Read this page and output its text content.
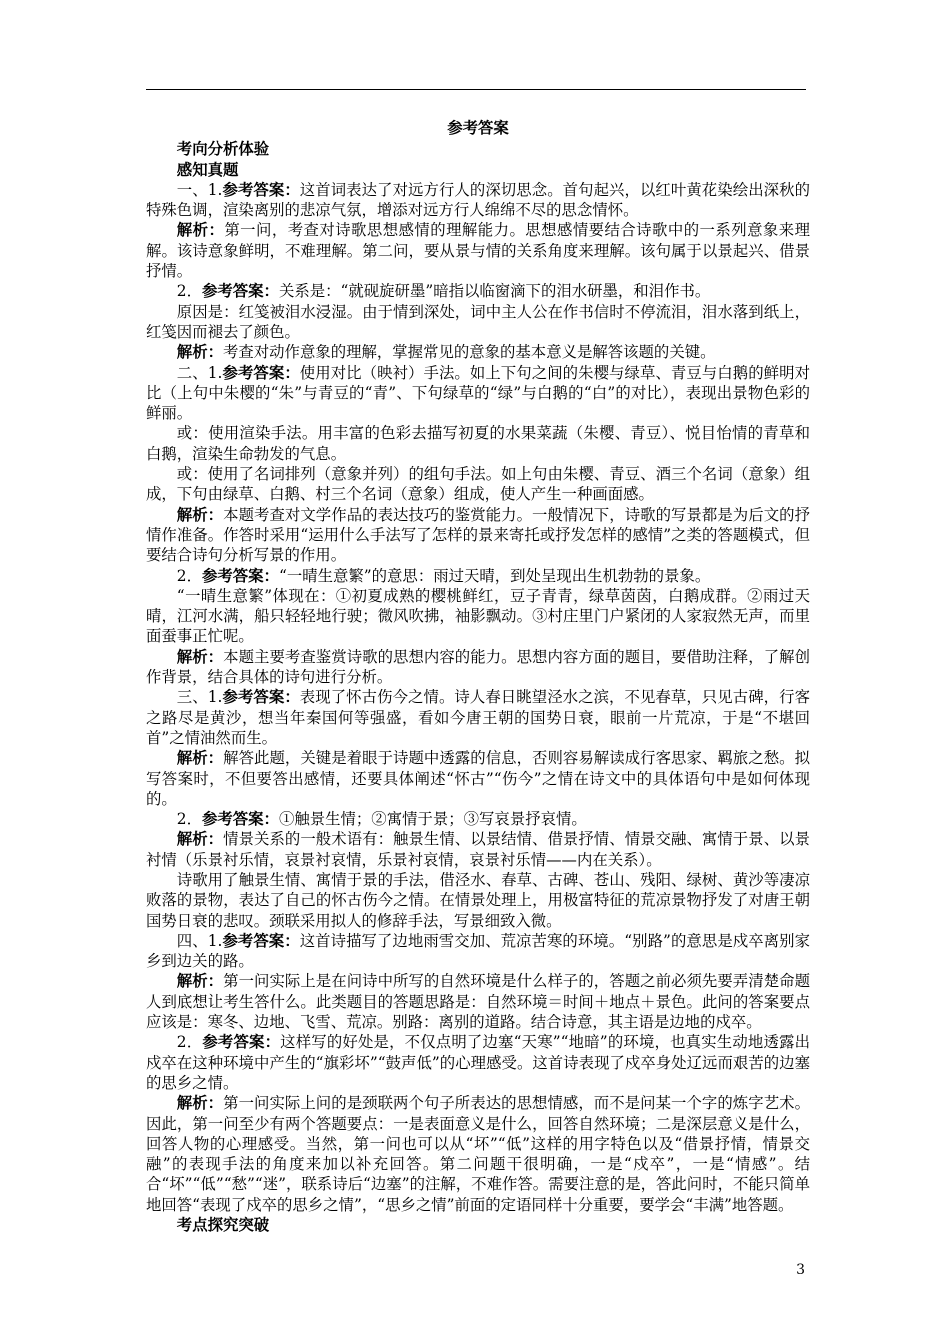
参考答案
考向分析体验
感知真题
一、1.参考答案：这首词表达了对远方行人的深切思念。首句起兴，以红叶黄花染绘出深秋的特殊色调，渲染离别的悲凉气氛，增添对远方行人绵绵不尽的思念情怀。
解析：第一问，考查对诗歌思想感情的理解能力。思想感情要结合诗歌中的一系列意象来理解。该诗意象鲜明，不难理解。第二问，要从景与情的关系角度来理解。该句属于以景起兴、借景抒情。
2．参考答案：关系是：“就砚旋研墨”暗指以临窗滴下的泪水研墨，和泪作书。
原因是：红笺被泪水浸湿。由于情到深处，词中主人公在作书信时不停流泪，泪水落到纸上，红笺因而褪去了颜色。
解析：考查对动作意象的理解，掌握常见的意象的基本意义是解答该题的关键。
二、1.参考答案：使用对比（映衬）手法。如上下句之间的朱樱与绿草、青豆与白鹅的鲜明对比（上句中朱樱的“朱”与青豆的“青”、下句绿草的“绿”与白鹅的“白”的对比），表现出景物色彩的鲜丽。
或：使用渲染手法。用丰富的色彩去描写初夏的水果菜蔬（朱樱、青豆）、悦目怡情的青草和白鹅，渲染生命勃发的气息。
或：使用了名词排列（意象并列）的组句手法。如上句由朱樱、青豆、酒三个名词（意象）组成，下句由绿草、白鹅、村三个名词（意象）组成，使人产生一种画面感。
解析：本题考查对文学作品的表达技巧的鉴赏能力。一般情况下，诗歌的写景都是为后文的抒情作准备。作答时采用“运用什么手法写了怎样的景来寄托或抒发怎样的感情”之类的答题模式，但要结合诗句分析写景的作用。
2．参考答案：“一晴生意繁”的意思：雨过天晴，到处呈现出生机勃勃的景象。
“一晴生意繁”体现在：①初夏成熟的樱桃鲜红，豆子青青，绿草茵茵，白鹅成群。②雨过天晴，江河水满，船只轻轻地行驶；微风吹拂，袖影飘动。③村庄里门户紧闭的人家寂然无声，而里面蚕事正忙呢。
解析：本题主要考查鉴赏诗歌的思想内容的能力。思想内容方面的题目，要借助注释，了解创作背景，结合具体的诗句进行分析。
三、1.参考答案：表现了怀古伤今之情。诗人春日眺望泾水之滨，不见春草，只见古碑，行客之路尽是黄沙，想当年秦国何等强盛，看如今唐王朝的国势日衰，眼前一片荒凉，于是“不堪回首”之情油然而生。
解析：解答此题，关键是着眼于诗题中透露的信息，否则容易解读成行客思家、羁旅之愁。拟写答案时，不但要答出感情，还要具体阐述“怀古”“伤今”之情在诗文中的具体语句中是如何体现的。
2．参考答案：①触景生情；②寓情于景；③写哀景抒哀情。
解析：情景关系的一般术语有：触景生情、以景结情、借景抒情、情景交融、寓情于景、以景衬情（乐景衬乐情，哀景衬哀情，乐景衬哀情，哀景衬乐情——内在关系）。
诗歌用了触景生情、寓情于景的手法，借泾水、春草、古碑、苍山、残阳、绿树、黄沙等凄凉败落的景物，表达了自己的怀古伤今之情。在情景处理上，用极富特征的荒凉景物抒发了对唐王朝国势日衰的悲叹。颈联采用拟人的修辞手法，写景细致入微。
四、1.参考答案：这首诗描写了边地雨雪交加、荒凉苦寒的环境。“别路”的意思是戍卒离别家乡到边关的路。
解析：第一问实际上是在问诗中所写的自然环境是什么样子的，答题之前必须先要弄清楚命题人到底想让考生答什么。此类题目的答题思路是：自然环境＝时间＋地点＋景色。此问的答案要点应该是：寒冬、边地、飞雪、荒凉。别路：离别的道路。结合诗意，其主语是边地的戍卒。
2．参考答案：这样写的好处是，不仅点明了边塞“天寒”“地暗”的环境，也真实生动地透露出戍卒在这种环境中产生的“旗彩坏”“鼓声低”的心理感受。这首诗表现了戍卒身处辽远而艰苦的边塞的思乡之情。
解析：第一问实际上问的是颈联两个句子所表达的思想情感，而不是问某一个字的炼字艺术。因此，第一问至少有两个答题要点：一是表面意义是什么，回答自然环境；二是深层意义是什么，回答人物的心理感受。当然，第一问也可以从“坏”“低”这样的用字特色以及“借景抒情，情景交融”的表现手法的角度来加以补充回答。第二问题干很明确，一是“戍卒”，一是“情感”。结合“坏”“低”“愁”“迷”，联系诗后“边塞”的注解，不难作答。需要注意的是，答此问时，不能只简单地回答“表现了戍卒的思乡之情”，“思乡之情”前面的定语同样十分重要，要学会“丰满”地答题。
考点探究突破
3
